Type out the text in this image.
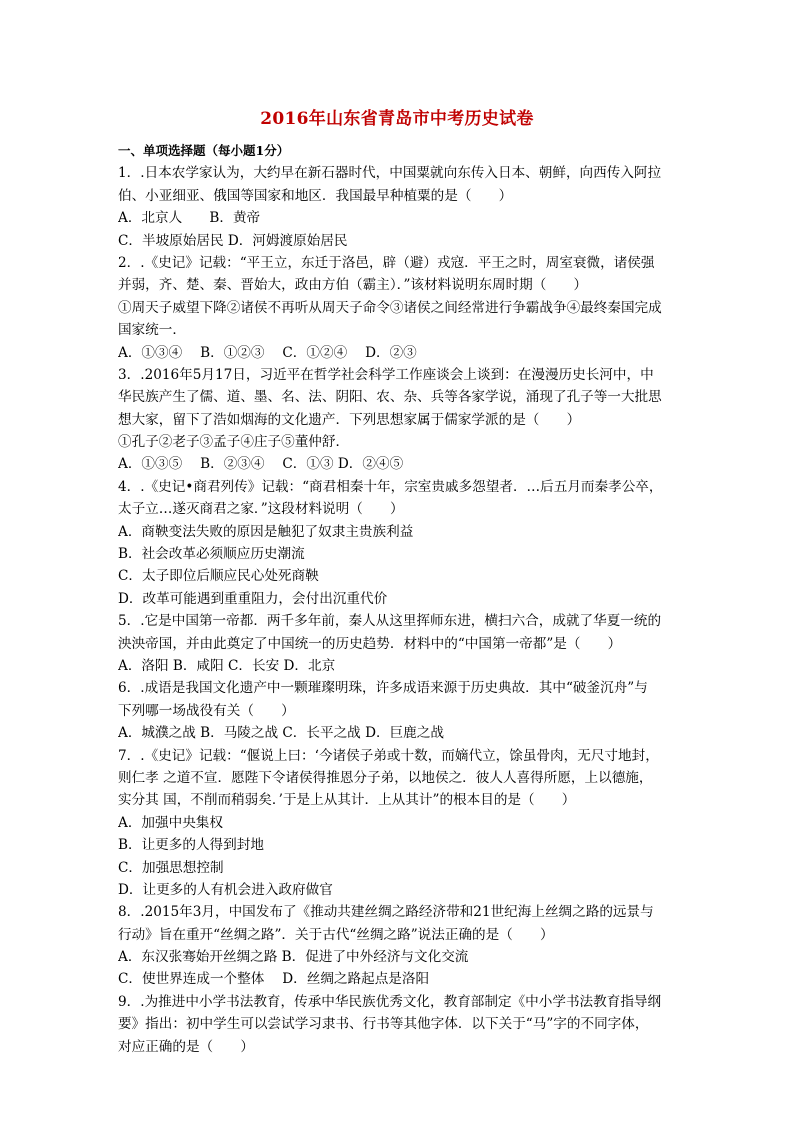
2016年山东省青岛市中考历史试卷
一、单项选择题（每小题1分）
1．.日本农学家认为，大约早在新石器时代，中国粟就向东传入日本、朝鲜，向西传入阿拉
伯、小亚细亚、俄国等国家和地区．我国最早种植粟的是（　　）
A．北京人　　B．黄帝
C．半坡原始居民 D．河姆渡原始居民
2．.《史记》记载：“平王立，东迁于洛邑，辟（避）戎寇．平王之时，周室衰微，诸侯强
并弱，齐、楚、秦、晋始大，政由方伯（霸主）．”该材料说明东周时期（　　）
①周天子威望下降②诸侯不再听从周天子命令③诸侯之间经常进行争霸战争④最终秦国完成
国家统一．
A．①③④　 B．①②③　 C．①②④　 D．②③
3．.2016年5月17日，习近平在哲学社会科学工作座谈会上谈到：在漫漫历史长河中，中
华民族产生了儒、道、墨、名、法、阴阳、农、杂、兵等各家学说，涌现了孔子等一大批思
想大家，留下了浩如烟海的文化遗产．下列思想家属于儒家学派的是（　　）
①孔子②老子③孟子④庄子⑤董仲舒．
A．①③⑤　 B．②③④　 C．①③ D．②④⑤
4．.《史记•商君列传》记载：“商君相秦十年，宗室贵戚多怨望者．…后五月而秦孝公卒，
太子立…遂灭商君之家．”这段材料说明（　　）
A．商鞅变法失败的原因是触犯了奴隶主贵族利益
B．社会改革必须顺应历史潮流
C．太子即位后顺应民心处死商鞅
D．改革可能遇到重重阻力，会付出沉重代价
5．.它是中国第一帝都．两千多年前，秦人从这里挥师东进，横扫六合，成就了华夏一统的
泱泱帝国，并由此奠定了中国统一的历史趋势．材料中的“中国第一帝都”是（　　）
A．洛阳 B．咸阳 C．长安 D．北京
6．.成语是我国文化遗产中一颗璀璨明珠，许多成语来源于历史典故．其中“破釜沉舟”与
下列哪一场战役有关（　　）
A．城濮之战 B．马陵之战 C．长平之战 D．巨鹿之战
7．.《史记》记载：“偃说上曰：‘今诸侯子弟或十数，而嫡代立，馀虽骨肉，无尺寸地封，
则仁孝 之道不宣．愿陛下令诸侯得推恩分子弟，以地侯之．彼人人喜得所愿，上以德施，
实分其 国，不削而稍弱矣．’于是上从其计．上从其计”的根本目的是（　　）
A．加强中央集权
B．让更多的人得到封地
C．加强思想控制
D．让更多的人有机会进入政府做官
8．.2015年3月，中国发布了《推动共建丝绸之路经济带和21世纪海上丝绸之路的远景与
行动》旨在重开“丝绸之路”．关于古代“丝绸之路”说法正确的是（　　）
A．东汉张骞始开丝绸之路 B．促进了中外经济与文化交流
C．使世界连成一个整体　 D．丝绸之路起点是洛阳
9．.为推进中小学书法教育，传承中华民族优秀文化，教育部制定《中小学书法教育指导纲
要》指出：初中学生可以尝试学习隶书、行书等其他字体．以下关于“马”字的不同字体，
对应正确的是（　　）
